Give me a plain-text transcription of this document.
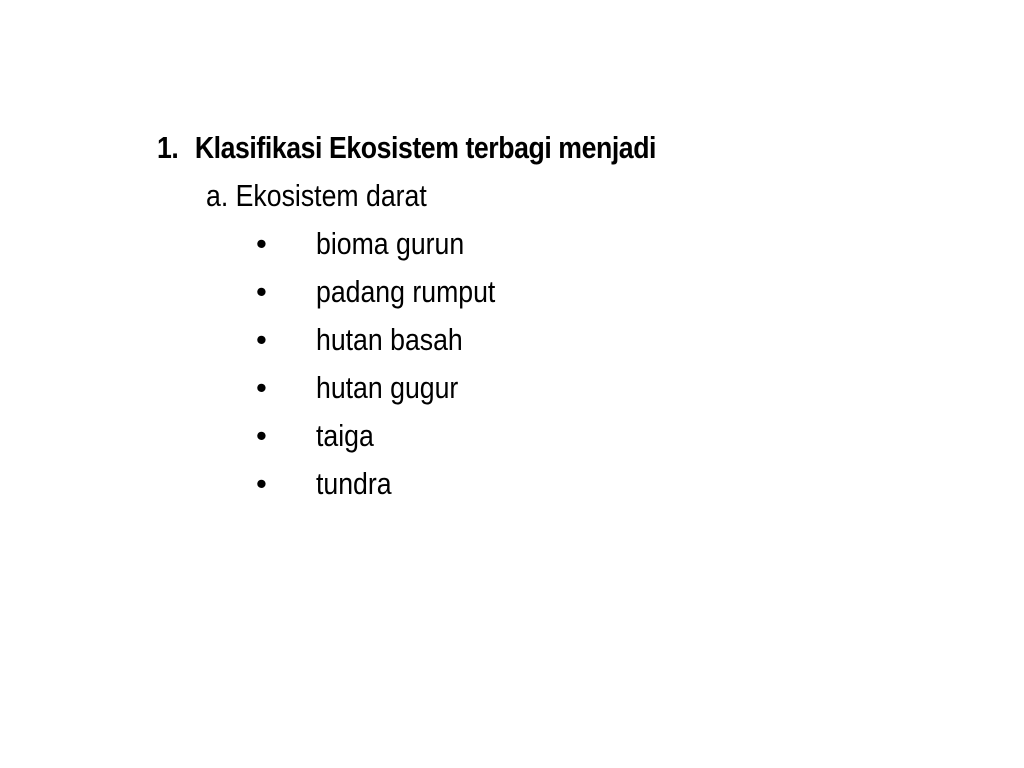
1. Klasifikasi Ekosistem terbagi menjadi
a. Ekosistem darat
• bioma gurun
• padang rumput
• hutan basah
• hutan gugur
• taiga
• tundra
